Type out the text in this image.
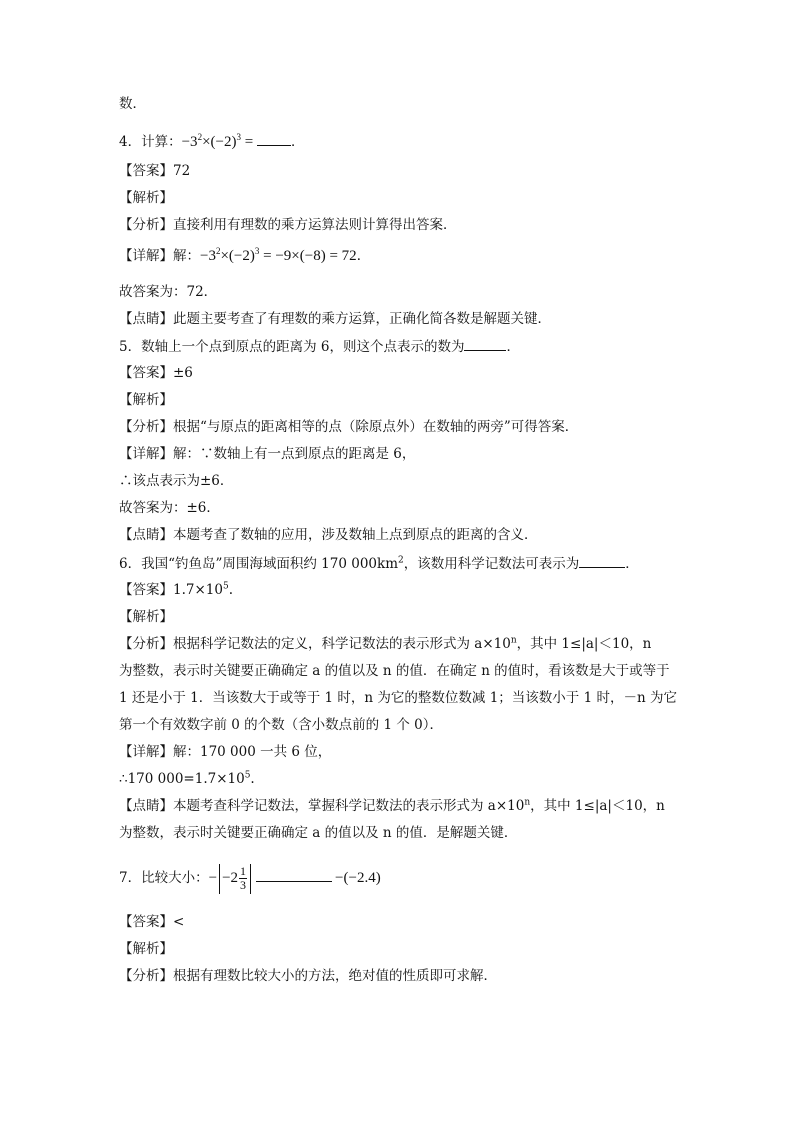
数．
4．计算：$-3^2\times(-2)^3$ =	．
【答案】72
【解析】
【分析】直接利用有理数的乘方运算法则计算得出答案．
【详解】解：$-3^2\times(-2)^3 = -9\times(-8) = 72$．
故答案为：72．
【点睛】此题主要考查了有理数的乘方运算，正确化简各数是解题关键．
5．数轴上一个点到原点的距离为 6，则这个点表示的数为	．
【答案】±6
【解析】
【分析】根据“与原点的距离相等的点（除原点外）在数轴的两旁”可得答案．
【详解】解：∵数轴上有一点到原点的距离是 6，
∴该点表示为±6．
故答案为：±6．
【点睛】本题考查了数轴的应用，涉及数轴上点到原点的距离的含义．
6．我国“钓鱼岛”周围海域面积约 170 $000km^2$，该数用科学记数法可表示为	．
【答案】$1.7\times 10^5$.
【解析】
【分析】根据科学记数法的定义，科学记数法的表示形式为 $a\times 10^n$，其中 1≤|a|＜10，n
为整数，表示时关键要正确确定 a 的值以及 n 的值．在确定 n 的值时，看该数是大于或等于
1 还是小于 1．当该数大于或等于 1 时，n 为它的整数位数减 1；当该数小于 1 时，－n 为它
第一个有效数字前 0 的个数（含小数点前的 1 个 0）．
【详解】解：170 000 一共 6 位，
∴170 $000=1.7\times 10^5$.
【点睛】本题考查科学记数法，掌握科学记数法的表示形式为 $a\times 10^n$，其中 1≤|a|＜10，n
为整数，表示时关键要正确确定 a 的值以及 n 的值．是解题关键．
7．比较大小：− $-2 \frac{1}{3}$	−(−2.4)
【答案】<
【解析】
【分析】根据有理数比较大小的方法，绝对值的性质即可求解．
